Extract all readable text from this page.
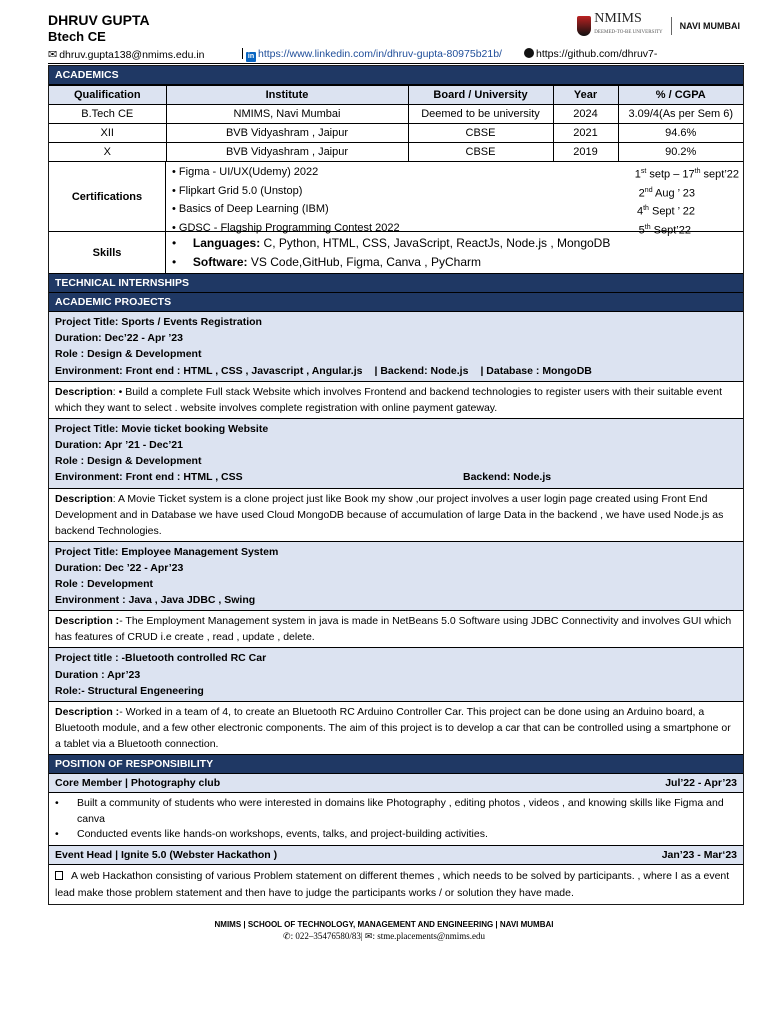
DHRUV GUPTA
Btech CE
✉ dhruv.gupta138@nmims.edu.in	in https://www.linkedin.com/in/dhruv-gupta-80975b21b/	https://github.com/dhruv7-
NMIMS
DEEMED-TO-BE UNIVERSITY
NAVI MUMBAI
ACADEMICS
Qualification	Institute	Board / University	Year	% / CGPA
B.Tech CE	NMIMS, Navi Mumbai	Deemed to be university	2024	3.09/4(As per Sem 6)
XII	BVB Vidyashram , Jaipur	CBSE	2021	94.6%
X	BVB Vidyashram , Jaipur	CBSE	2019	90.2%
Certifications
• Figma - UI/UX(Udemy) 2022	1st setp – 17th sept’22
• Flipkart Grid 5.0 (Unstop)	2nd Aug ’ 23
• Basics of Deep Learning (IBM)	4th Sept ’ 22
• GDSC - Flagship Programming Contest 2022	5th Sept’22
Skills
•     Languages: C, Python, HTML, CSS, JavaScript, ReactJs, Node.js , MongoDB
•     Software: VS Code,GitHub, Figma, Canva , PyCharm
TECHNICAL INTERNSHIPS
ACADEMIC PROJECTS
Project Title: Sports / Events Registration
Duration: Dec’22 - Apr ’23
Role : Design & Development
Environment: Front end : HTML , CSS , Javascript , Angular.js | Backend: Node.js | Database : MongoDB
Description: • Build a complete Full stack Website which involves Frontend and backend technologies to register users with their suitable event which they want to select . website involves complete registration with online payment gateway.
Project Title: Movie ticket booking Website
Duration: Apr ’21 - Dec’21
Role : Design & Development
Environment: Front end : HTML , CSS	Backend: Node.js
Description: A Movie Ticket system is a clone project just like Book my show ,our project involves a user login page created using Front End Development and in Database we have used Cloud MongoDB because of accumulation of large Data in the backend , we have used Node.js as backend Technologies.
Project Title: Employee Management System
Duration: Dec ’22 - Apr’23
Role : Development
Environment : Java , Java JDBC , Swing
Description :- The Employment Management system in java is made in NetBeans 5.0 Software using JDBC Connectivity and involves GUI which has features of CRUD i.e create , read , update , delete.
Project title : -Bluetooth controlled RC Car
Duration : Apr’23
Role:- Structural Engeneering
Description :- Worked in a team of 4, to create an Bluetooth RC Arduino Controller Car. This project can be done using an Arduino board, a Bluetooth module, and a few other electronic components. The aim of this project is to develop a car that can be controlled using a smartphone or a tablet via a Bluetooth connection.
POSITION OF RESPONSIBILITY
Core Member | Photography club	Jul’22 - Apr’23
•	Built a community of students who were interested in domains like Photography , editing photos , videos , and knowing skills like Figma and canva
•	Conducted events like hands-on workshops, events, talks, and project-building activities.
Event Head | Ignite 5.0 (Webster Hackathon )	Jan’23 - Mar‘23
A web Hackathon consisting of various Problem statement on different themes , which needs to be solved by participants. , where I as a event lead make those problem statement and then have to judge the participants works / or solution they have made.
NMIMS | SCHOOL OF TECHNOLOGY, MANAGEMENT AND ENGINEERING | NAVI MUMBAI
✆: 022–35476580/83| ✉: stme.placements@nmims.edu
